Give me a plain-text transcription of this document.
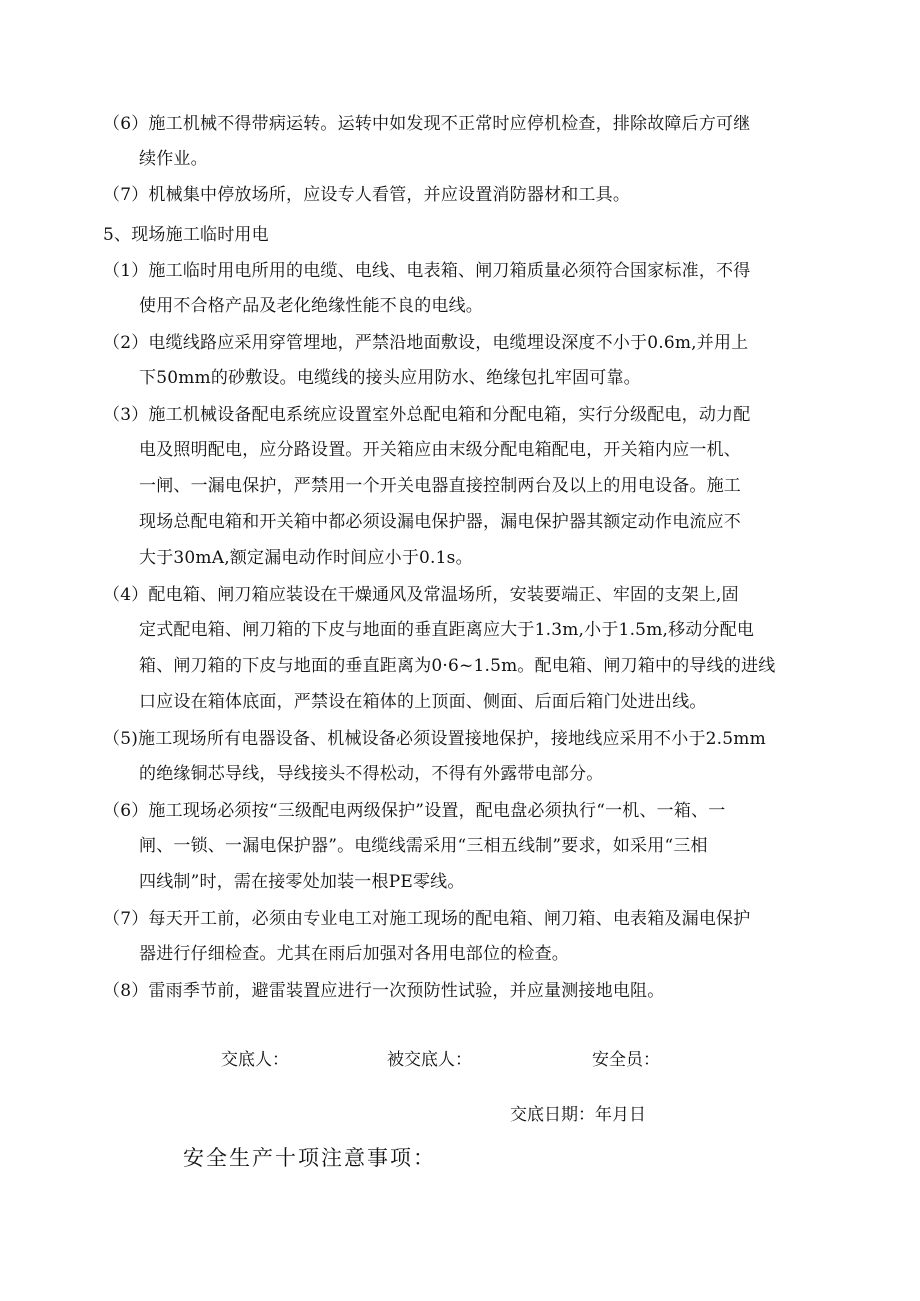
（6）施工机械不得带病运转。运转中如发现不正常时应停机检查，排除故障后方可继
续作业。
（7）机械集中停放场所，应设专人看管，并应设置消防器材和工具。
5、现场施工临时用电
（1）施工临时用电所用的电缆、电线、电表箱、闸刀箱质量必须符合国家标准，不得
使用不合格产品及老化绝缘性能不良的电线。
（2）电缆线路应采用穿管埋地，严禁沿地面敷设，电缆埋设深度不小于0.6m,并用上
下50mm的砂敷设。电缆线的接头应用防水、绝缘包扎牢固可靠。
（3）施工机械设备配电系统应设置室外总配电箱和分配电箱，实行分级配电，动力配
电及照明配电，应分路设置。开关箱应由末级分配电箱配电，开关箱内应一机、
一闸、一漏电保护，严禁用一个开关电器直接控制两台及以上的用电设备。施工
现场总配电箱和开关箱中都必须设漏电保护器，漏电保护器其额定动作电流应不
大于30mA,额定漏电动作时间应小于0.1s。
（4）配电箱、闸刀箱应装设在干燥通风及常温场所，安装要端正、牢固的支架上,固
定式配电箱、闸刀箱的下皮与地面的垂直距离应大于1.3m,小于1.5m,移动分配电
箱、闸刀箱的下皮与地面的垂直距离为0·6~1.5m。配电箱、闸刀箱中的导线的进线
口应设在箱体底面，严禁设在箱体的上顶面、侧面、后面后箱门处进出线。
（5)施工现场所有电器设备、机械设备必须设置接地保护，接地线应采用不小于2.5mm
的绝缘铜芯导线，导线接头不得松动，不得有外露带电部分。
（6）施工现场必须按“三级配电两级保护”设置，配电盘必须执行“一机、一箱、一
闸、一锁、一漏电保护器”。电缆线需采用“三相五线制”要求，如采用“三相
四线制”时，需在接零处加装一根PE零线。
（7）每天开工前，必须由专业电工对施工现场的配电箱、闸刀箱、电表箱及漏电保护
器进行仔细检查。尤其在雨后加强对各用电部位的检查。
（8）雷雨季节前，避雷装置应进行一次预防性试验，并应量测接地电阻。
交底人：	被交底人：	安全员：
交底日期：年月日
安全生产十项注意事项：
